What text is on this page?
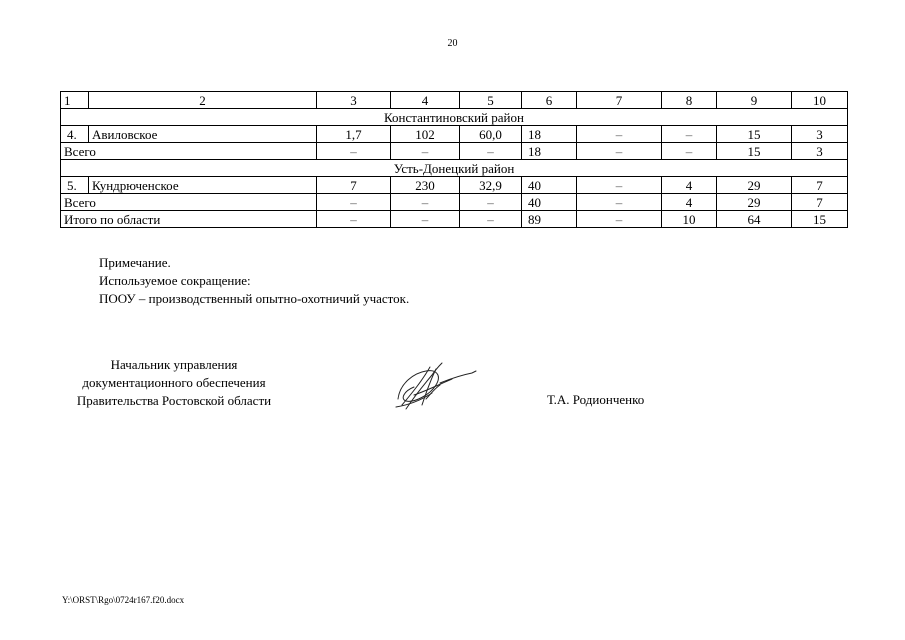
20
1	2	3	4	5	6	7	8	9	10
Константиновский район									
4.	Авиловское	1,7	102	60,0	18	–	–	15	3
Всего		–	–	–	18	–	–	15	3
Усть-Донецкий район									
5.	Кундрюченское	7	230	32,9	40	–	4	29	7
Всего		–	–	–	40	–	4	29	7
Итого по области		–	–	–	89	–	10	64	15
Примечание.
Используемое сокращение:
ПООУ – производственный опытно-охотничий участок.
Начальник управления
документационного обеспечения
Правительства Ростовской области	Т.А. Родионченко
Y:\ORST\Rgo\0724r167.f20.docx
